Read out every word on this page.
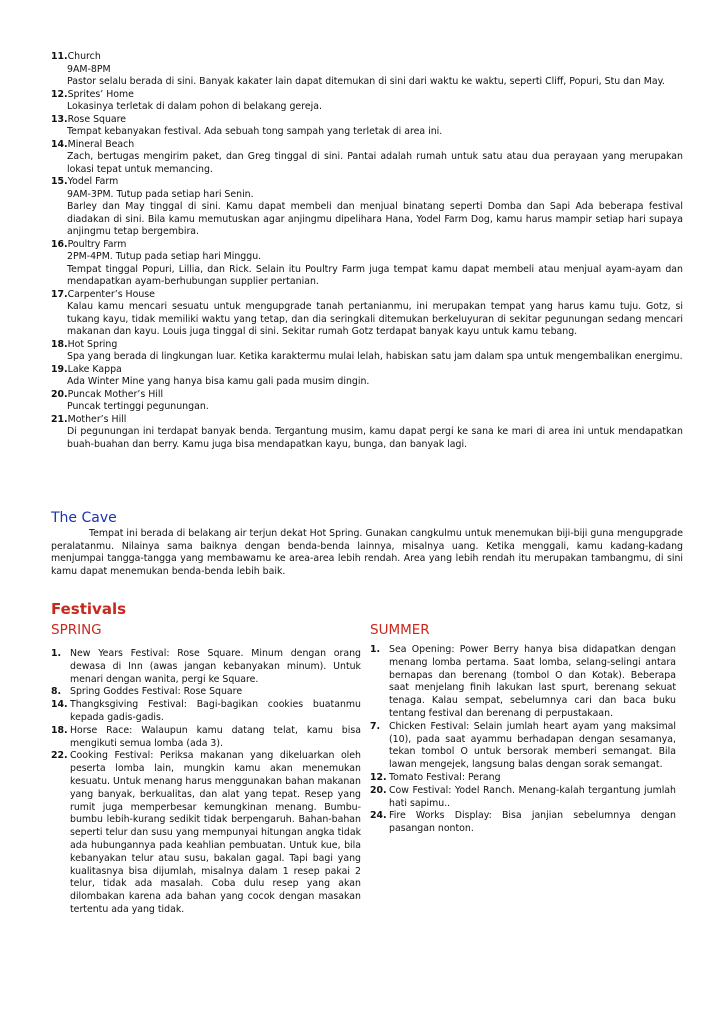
11. Church
9AM-8PM
Pastor selalu berada di sini. Banyak kakater lain dapat ditemukan di sini dari waktu ke waktu, seperti Cliff, Popuri, Stu dan May.
12. Sprites’ Home
Lokasinya terletak di dalam pohon di belakang gereja.
13. Rose Square
Tempat kebanyakan festival. Ada sebuah tong sampah yang terletak di area ini.
14. Mineral Beach
Zach, bertugas mengirim paket, dan Greg tinggal di sini. Pantai adalah rumah untuk satu atau dua perayaan yang merupakan lokasi tepat untuk memancing.
15. Yodel Farm
9AM-3PM. Tutup pada setiap hari Senin.
Barley dan May tinggal di sini. Kamu dapat membeli dan menjual binatang seperti Domba dan Sapi Ada beberapa festival diadakan di sini. Bila kamu memutuskan agar anjingmu dipelihara Hana, Yodel Farm Dog, kamu harus mampir setiap hari supaya anjingmu tetap bergembira.
16. Poultry Farm
2PM-4PM. Tutup pada setiap hari Minggu.
Tempat tinggal Popuri, Lillia, dan Rick. Selain itu Poultry Farm juga tempat kamu dapat membeli atau menjual ayam-ayam dan mendapatkan ayam-berhubungan supplier pertanian.
17. Carpenter’s House
Kalau kamu mencari sesuatu untuk mengupgrade tanah pertanianmu, ini merupakan tempat yang harus kamu tuju. Gotz, si tukang kayu, tidak memiliki waktu yang tetap, dan dia seringkali ditemukan berkeluyuran di sekitar pegunungan sedang mencari makanan dan kayu. Louis juga tinggal di sini. Sekitar rumah Gotz terdapat banyak kayu untuk kamu tebang.
18. Hot Spring
Spa yang berada di lingkungan luar. Ketika karaktermu mulai lelah, habiskan satu jam dalam spa untuk mengembalikan energimu.
19. Lake Kappa
Ada Winter Mine yang hanya bisa kamu gali pada musim dingin.
20. Puncak Mother’s Hill
Puncak tertinggi pegunungan.
21. Mother’s Hill
Di pegunungan ini terdapat banyak benda. Tergantung musim, kamu dapat pergi ke sana ke mari di area ini untuk mendapatkan buah-buahan dan berry. Kamu juga bisa mendapatkan kayu, bunga, dan banyak lagi.
The Cave

Tempat ini berada di belakang air terjun dekat Hot Spring. Gunakan cangkulmu untuk menemukan biji-biji guna mengupgrade peralatanmu. Nilainya sama baiknya dengan benda-benda lainnya, misalnya uang. Ketika menggali, kamu kadang-kadang menjumpai tangga-tangga yang membawamu ke area-area lebih rendah. Area yang lebih rendah itu merupakan tambangmu, di sini kamu dapat menemukan benda-benda lebih baik.

Festivals
SPRING	SUMMER
1. New Years Festival: Rose Square. Minum dengan orang dewasa di Inn (awas jangan kebanyakan minum). Untuk menari dengan wanita, pergi ke Square.
8. Spring Goddes Festival: Rose Square
14. Thangksgiving Festival: Bagi-bagikan cookies buatanmu kepada gadis-gadis.
18. Horse Race: Walaupun kamu datang telat, kamu bisa mengikuti semua lomba (ada 3).
22. Cooking Festival: Periksa makanan yang dikeluarkan oleh peserta lomba lain, mungkin kamu akan menemukan kesuatu. Untuk menang harus menggunakan bahan makanan yang banyak, berkualitas, dan alat yang tepat. Resep yang rumit juga memperbesar kemungkinan menang. Bumbu-bumbu lebih-kurang sedikit tidak berpengaruh. Bahan-bahan seperti telur dan susu yang mempunyai hitungan angka tidak ada hubungannya pada keahlian pembuatan. Untuk kue, bila kebanyakan telur atau susu, bakalan gagal. Tapi bagi yang kualitasnya bisa dijumlah, misalnya dalam 1 resep pakai 2 telur, tidak ada masalah. Coba dulu resep yang akan dilombakan karena ada bahan yang cocok dengan masakan tertentu ada yang tidak.
1. Sea Opening: Power Berry hanya bisa didapatkan dengan menang lomba pertama. Saat lomba, selang-selingi antara bernapas dan berenang (tombol O dan Kotak). Beberapa saat menjelang finih lakukan last spurt, berenang sekuat tenaga. Kalau sempat, sebelumnya cari dan baca buku tentang festival dan berenang di perpustakaan.
7. Chicken Festival: Selain jumlah heart ayam yang maksimal (10), pada saat ayammu berhadapan dengan sesamanya, tekan tombol O untuk bersorak memberi semangat. Bila lawan mengejek, langsung balas dengan sorak semangat.
12. Tomato Festival: Perang
20. Cow Festival: Yodel Ranch. Menang-kalah tergantung jumlah hati sapimu..
24. Fire Works Display: Bisa janjian sebelumnya dengan pasangan nonton.
